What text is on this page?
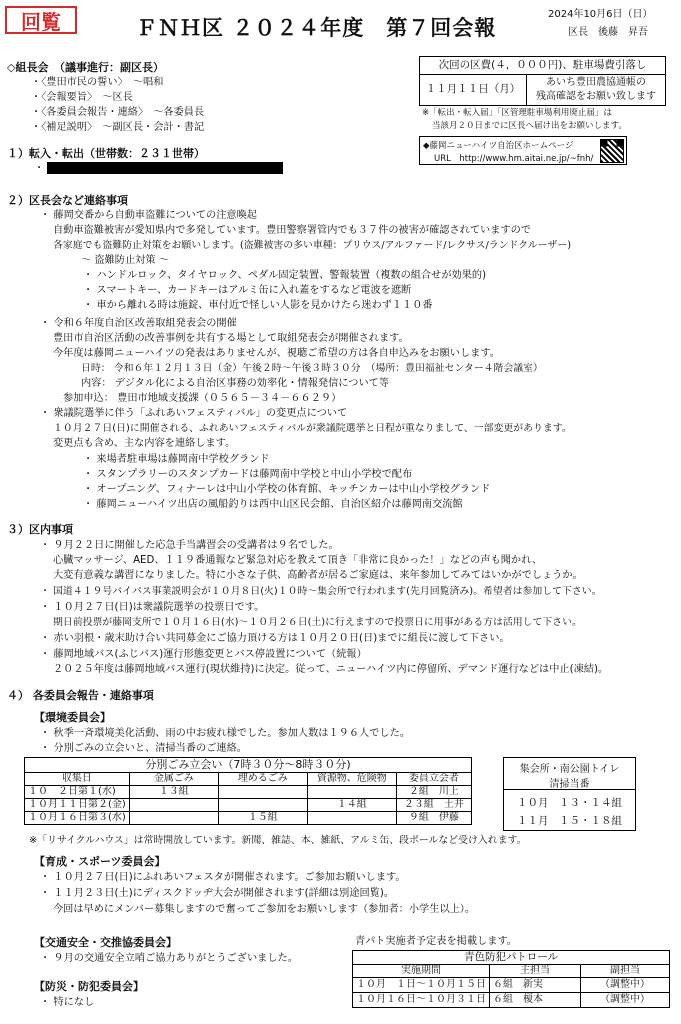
回覧	ＦＮＨ区 ２０２４年度　第７回会報
2024年10月6日（日）
区長　後藤　昇吾
次回の区費(４，０００円)、駐車場費引落し
１１月１１日（月）
あいち豊田農協通帳の
残高確認をお願い致します
※「転出・転入届」「区管理駐車場利用廃止届」は
当該月２０日までに区長へ届け出をお願いします。
◆藤岡ニューハイツ自治区ホームページ
URL　http://www.hm.aitai.ne.jp/~fnh/
◇組長会　（議事進行：副区長）
・〈豊田市民の誓い〉　～唱和
・〈会報要旨〉　～区長
・〈各委員会報告・連絡〉　～各委員長
・〈補足説明〉　～副区長・会計・書記
１）転入・転出（世帯数：２３１世帯）
・
２）区長会など連絡事項
・ 藤岡交番から自動車盗難についての注意喚起
自動車盗難被害が愛知県内で多発しています。豊田警察署管内でも３７件の被害が確認されていますので
各家庭でも盗難防止対策をお願いします。(盗難被害の多い車種：プリウス/アルファード/レクサス/ランドクルーザー)
～ 盗難防止対策 ～
・ ハンドルロック、タイヤロック、ペダル固定装置、警報装置（複数の組合せが効果的)
・ スマートキー、カードキーはアルミ缶に入れ蓋をするなど電波を遮断
・ 車から離れる時は施錠、車付近で怪しい人影を見かけたら迷わず１１０番
・ 令和６年度自治区改善取組発表会の開催
豊田市自治区活動の改善事例を共有する場として取組発表会が開催されます。
今年度は藤岡ニューハイツの発表はありませんが、視聴ご希望の方は各自申込みをお願いします。
日時： 令和６年１２月１３日（金）午後２時～午後３時３０分　（場所：豊田福祉センター４階会議室）
内容： デジタル化による自治区事務の効率化・情報発信について等
参加申込： 豊田市地域支援課（０５６５－３４－６６２９）
・ 衆議院選挙に伴う「ふれあいフェスティバル」の変更点について
１０月２７日(日)に開催される、ふれあいフェスティバルが衆議院選挙と日程が重なりまして、一部変更があります。
変更点も含め、主な内容を連絡します。
・ 来場者駐車場は藤岡南中学校グランド
・ スタンプラリーのスタンプカードは藤岡南中学校と中山小学校で配布
・ オープニング、フィナーレは中山小学校の体育館、キッチンカーは中山小学校グランド
・ 藤岡ニューハイツ出店の風船釣りは西中山区民会館、自治区紹介は藤岡南交流館
３）区内事項
・ ９月２２日に開催した応急手当講習会の受講者は９名でした。
心臓マッサージ、AED、１１９番通報など緊急対応を教えて頂き「非常に良かった！」などの声も聞かれ、
大変有意義な講習になりました。特に小さな子供、高齢者が居るご家庭は、来年参加してみてはいかがでしょうか。
・ 国道４１９号バイパス事業説明会が１０月８日(火)１０時～集会所で行われます(先月回覧済み)。希望者は参加して下さい。
・ １０月２７日(日)は衆議院選挙の投票日です。
期日前投票が藤岡支所で１０月１６日(水)～１０月２６日(土)に行えますので投票日に用事がある方は活用して下さい。
・ 赤い羽根・歳末助け合い共同募金にご協力頂ける方は１０月２０日(日)までに組長に渡して下さい。
・ 藤岡地域バス(ふじバス)運行形態変更とバス停設置について（続報）
２０２５年度は藤岡地域バス運行(現状維持)に決定。従って、ニューハイツ内に停留所、デマンド運行などは中止(凍結)。
４） 各委員会報告・連絡事項
【環境委員会】
・ 秋季一斉環境美化活動、雨の中お疲れ様でした。参加人数は１９６人でした。
・ 分別ごみの立会いと、清掃当番のご連絡。
分別ごみ立会い（7時３０分～8時３０分)				
収集日	金属ごみ	埋めるごみ	資源物、危険物	委員立会者
１０　２日第１(水)	１３組			２組　川上
１０月１１日第２(金)			１４組	２３組　土井
１０月１６日第３(水)		１５組		９組　伊藤
集会所・南公園トイレ
清掃当番
１０月　１３・１４組
１１月　１５・１８組
※「リサイクルハウス」は常時開放しています。新聞、雑誌、本、雑紙、アルミ缶、段ボールなど受け入れます。
【育成・スポーツ委員会】
・ １０月２７日(日)にふれあいフェスタが開催されます。ご参加お願いします。
・ １１月２３日(土)にディスクドッヂ大会が開催されます(詳細は別途回覧)。
今回は早めにメンバー募集しますので奮ってご参加をお願いします（参加者：小学生以上）。
【交通安全・交推協委員会】
・ ９月の交通安全立哨ご協力ありがとうございました。
【防災・防犯委員会】
・ 特になし
青パト実施者予定表を掲載します。
青色防犯パトロール		
実施期間	主担当	副担当
１０月　１日～１０月１５日	６組　新実	（調整中）
１０月１６日～１０月３１日	６組　榎本	（調整中）
